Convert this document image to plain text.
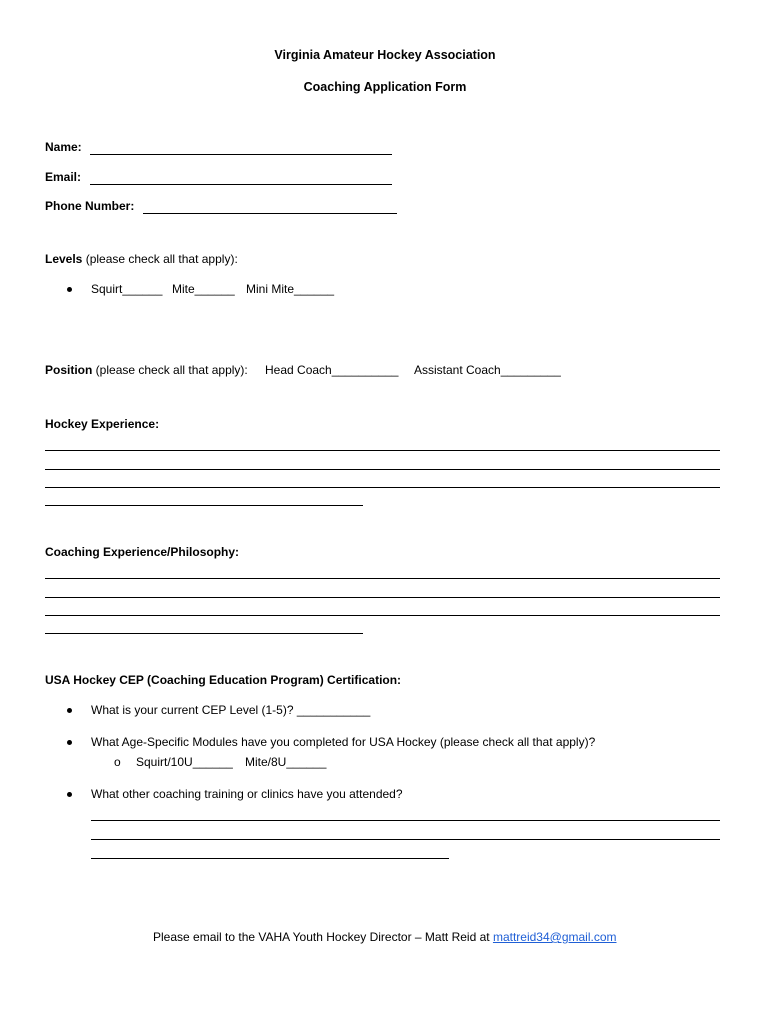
Virginia Amateur Hockey Association
Coaching Application Form
Name:
Email:
Phone Number:
Levels (please check all that apply):
Squirt______ Mite______ Mini Mite______
Position (please check all that apply): Head Coach__________ Assistant Coach_________
Hockey Experience:
Coaching Experience/Philosophy:
USA Hockey CEP (Coaching Education Program) Certification:
What is your current CEP Level (1-5)? ___________
What Age-Specific Modules have you completed for USA Hockey (please check all that apply)?
o Squirt/10U______ Mite/8U______
What other coaching training or clinics have you attended?
Please email to the VAHA Youth Hockey Director – Matt Reid at mattreid34@gmail.com
